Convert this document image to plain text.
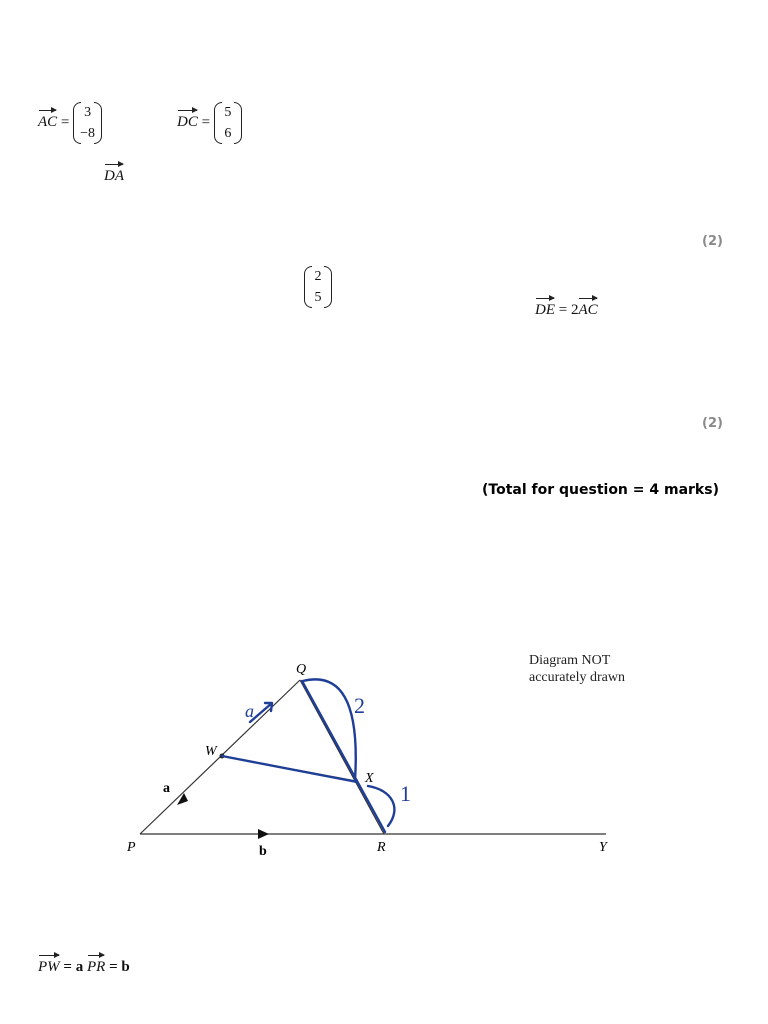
AC =
3
−8
DC =
5
6
DA
(2)
2
5
DE = 2AC
(2)
(Total for question = 4 marks)
Diagram NOT
accurately drawn
P
Q
R	Y
W
X
a
b
a	2
1
PW = a PR = b
